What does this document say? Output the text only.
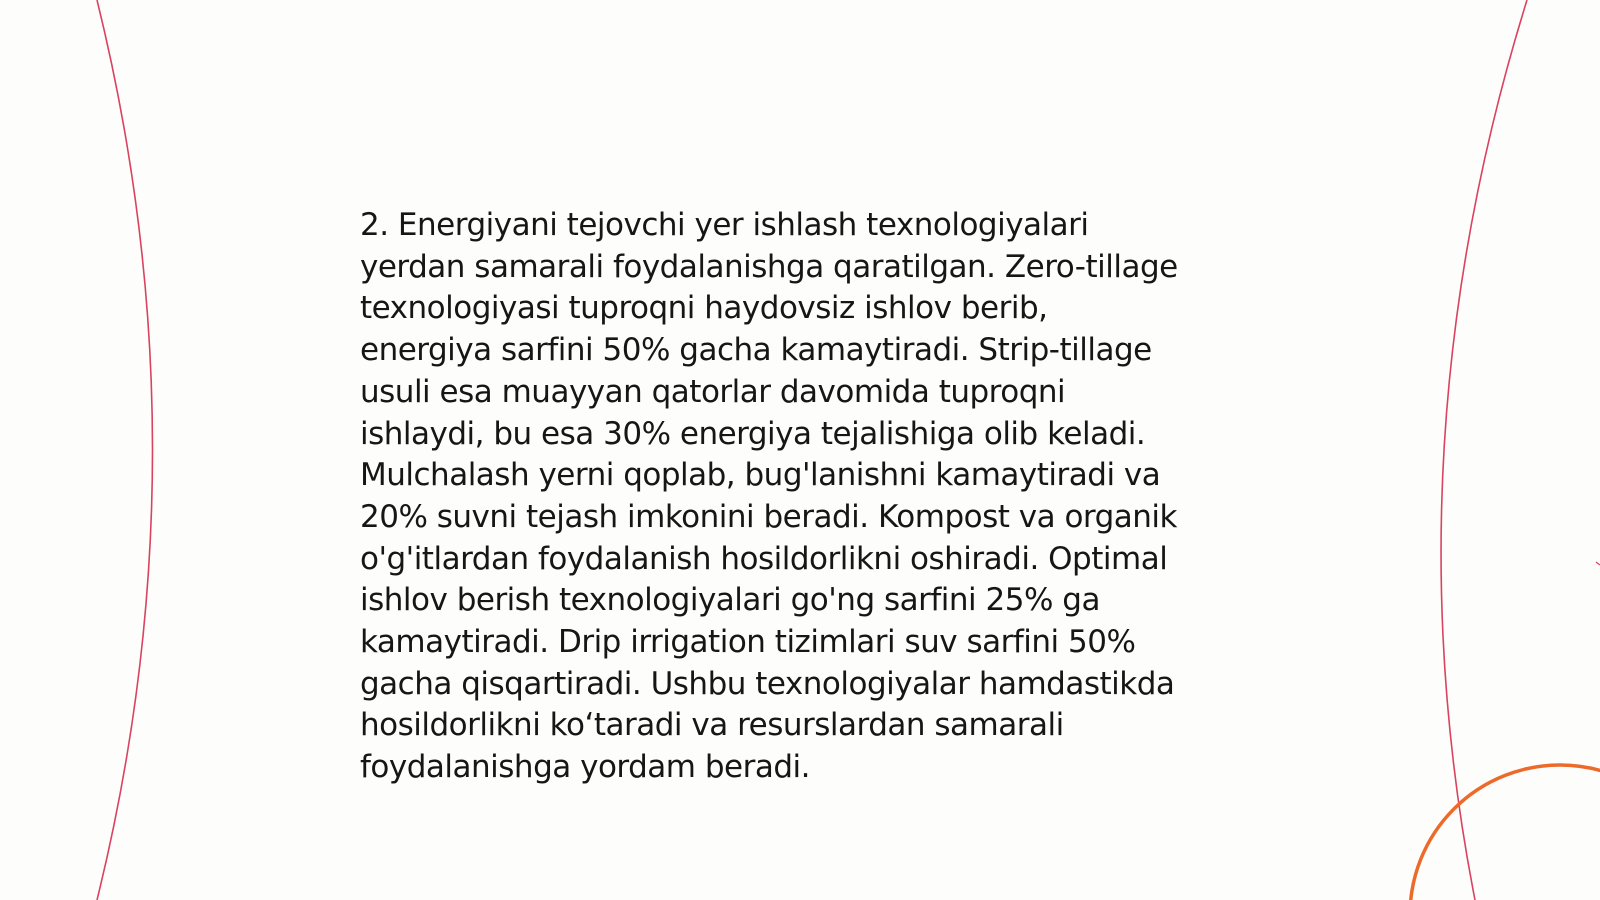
2. Energiyani tejovchi yer ishlash texnologiyalari
yerdan samarali foydalanishga qaratilgan. Zero-tillage
texnologiyasi tuproqni haydovsiz ishlov berib,
energiya sarfini 50% gacha kamaytiradi. Strip-tillage
usuli esa muayyan qatorlar davomida tuproqni
ishlaydi, bu esa 30% energiya tejalishiga olib keladi.
Mulchalash yerni qoplab, bug'lanishni kamaytiradi va
20% suvni tejash imkonini beradi. Kompost va organik
o'g'itlardan foydalanish hosildorlikni oshiradi. Optimal
ishlov berish texnologiyalari go'ng sarfini 25% ga
kamaytiradi. Drip irrigation tizimlari suv sarfini 50%
gacha qisqartiradi. Ushbu texnologiyalar hamdastikda
hosildorlikni ko‘taradi va resurslardan samarali
foydalanishga yordam beradi.
